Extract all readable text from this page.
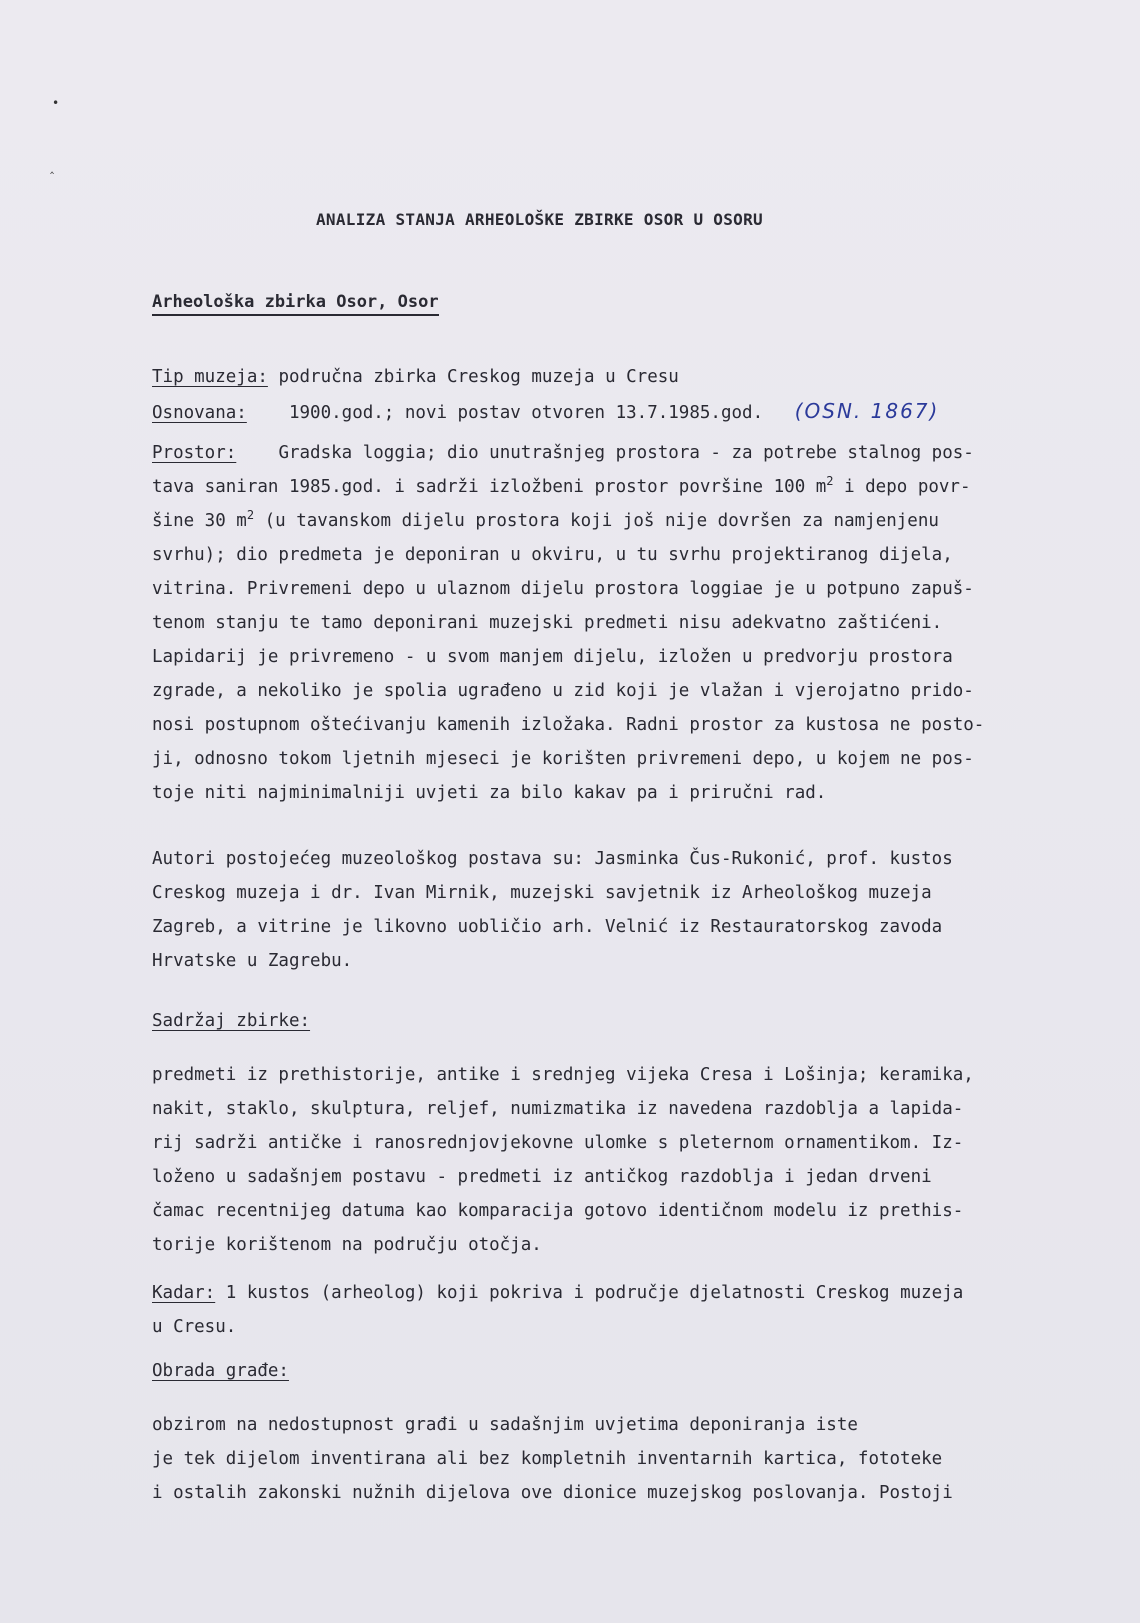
•
‸
ANALIZA STANJA ARHEOLOŠKE ZBIRKE OSOR U OSORU
Arheološka zbirka Osor, Osor
Tip muzeja: područna zbirka Creskog muzeja u Cresu
Osnovana: 1900.god.; novi postav otvoren 13.7.1985.god. (OSN. 1867)
Prostor: Gradska loggia; dio unutrašnjeg prostora - za potrebe stalnog pos-
tava saniran 1985.god. i sadrži izložbeni prostor površine 100 $m^2$ i depo povr-
šine 30 $m^2$ (u tavanskom dijelu prostora koji još nije dovršen za namjenjenu
svrhu); dio predmeta je deponiran u okviru, u tu svrhu projektiranog dijela,
vitrina. Privremeni depo u ulaznom dijelu prostora loggiae je u potpuno zapuš-
tenom stanju te tamo deponirani muzejski predmeti nisu adekvatno zaštićeni.
Lapidarij je privremeno - u svom manjem dijelu, izložen u predvorju prostora
zgrade, a nekoliko je spolia ugrađeno u zid koji je vlažan i vjerojatno prido-
nosi postupnom oštećivanju kamenih izložaka. Radni prostor za kustosa ne posto-
ji, odnosno tokom ljetnih mjeseci je korišten privremeni depo, u kojem ne pos-
toje niti najminimalniji uvjeti za bilo kakav pa i priručni rad.
Autori postojećeg muzeološkog postava su: Jasminka Čus-Rukonić, prof. kustos
Creskog muzeja i dr. Ivan Mirnik, muzejski savjetnik iz Arheološkog muzeja
Zagreb, a vitrine je likovno uobličio arh. Velnić iz Restauratorskog zavoda
Hrvatske u Zagrebu.
Sadržaj zbirke:
predmeti iz prethistorije, antike i srednjeg vijeka Cresa i Lošinja; keramika,
nakit, staklo, skulptura, reljef, numizmatika iz navedena razdoblja a lapida-
rij sadrži antičke i ranosrednjovjekovne ulomke s pleternom ornamentikom. Iz-
loženo u sadašnjem postavu - predmeti iz antičkog razdoblja i jedan drveni
čamac recentnijeg datuma kao komparacija gotovo identičnom modelu iz prethis-
torije korištenom na području otočja.
Kadar: 1 kustos (arheolog) koji pokriva i područje djelatnosti Creskog muzeja
u Cresu.
Obrada građe:
obzirom na nedostupnost građi u sadašnjim uvjetima deponiranja iste
je tek dijelom inventirana ali bez kompletnih inventarnih kartica, fototeke
i ostalih zakonski nužnih dijelova ove dionice muzejskog poslovanja. Postoji
